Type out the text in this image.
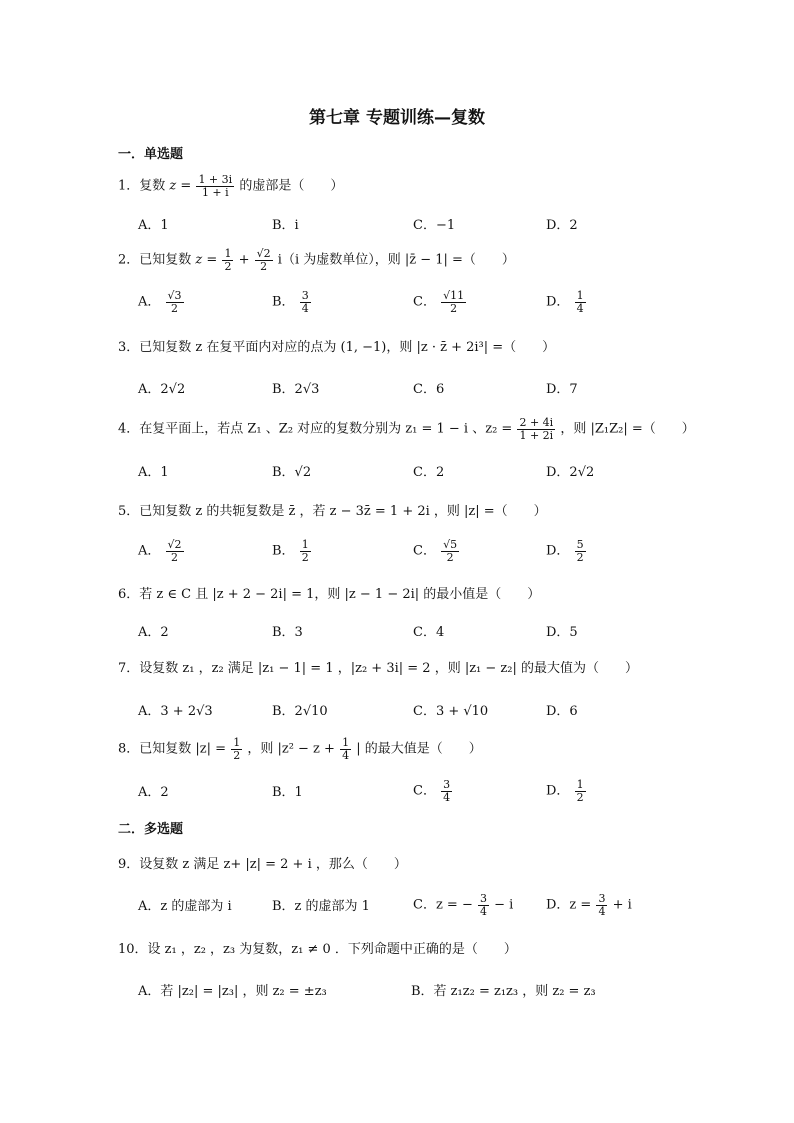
第七章 专题训练—复数
一．单选题
1．复数 $z = \frac{1 + 3i}{1 + i}$ 的虚部是（　　）
A．1	B．i	C．−1	D．2
2．已知复数 $z = \frac{1}{2} + \frac{√2}{2} i(i$ 为虚数单位），则 |z̄ − 1| =（　　）
A． $\frac{√3}{2}$	B． $\frac{3}{4}$	C． $\frac{√11}{2}$	D． $\frac{1}{4}$
3．已知复数 z 在复平面内对应的点为 (1, −1)，则 |z · z̄ + 2i³| =（　　）
A．2√2	B．2√3	C．6	D．7
4．在复平面上，若点 Z₁ 、Z₂ 对应的复数分别为 z₁ = 1 − i 、$z_2 = \frac{2 + 4i}{1 + 2i}$ ，则 |Z₁Z₂| =（　　）
A．1	B．√2	C．2	D．2√2
5．已知复数 z 的共轭复数是 z̄ ，若 z − 3z̄ = 1 + 2i ，则 |z| =（　　）
A． $\frac{√2}{2}$	B． $\frac{1}{2}$	C． $\frac{√5}{2}$	D． $\frac{5}{2}$
6．若 z ∈ C 且 |z + 2 − 2i| = 1，则 |z − 1 − 2i| 的最小值是（　　）
A．2	B．3	C．4	D．5
7．设复数 z₁ ，z₂ 满足 |z₁ − 1| = 1 ，|z₂ + 3i| = 2 ，则 |z₁ − z₂| 的最大值为（　　）
A．3 + 2√3	B．2√10	C．3 + √10	D．6
8．已知复数 $|z| = \frac{1}{2}$ ，则 $|z^2 - z + \frac{1}{4}$ | 的最大值是（　　）
A．2	B．1	C． $\frac{3}{4}$	D． $\frac{1}{2}$
二．多选题
9．设复数 z 满足 z+ |z| = 2 + i ，那么（　　）
A．z 的虚部为 i	B．z 的虚部为 1	C．z = − $\frac{3}{4} - i$	D．$z = \frac{3}{4} + i$
10．设 z₁ ，z₂ ，z₃ 为复数，z₁ ≠ 0 ．下列命题中正确的是（　　）
A．若 |z₂| = |z₃| ，则 z₂ = ±z₃	B．若 z₁z₂ = z₁z₃ ，则 z₂ = z₃
